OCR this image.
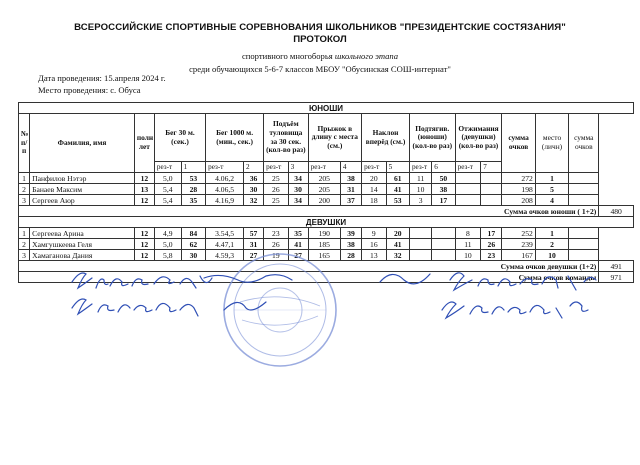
ВСЕРОССИЙСКИЕ СПОРТИВНЫЕ СОРЕВНОВАНИЯ ШКОЛЬНИКОВ "ПРЕЗИДЕНТСКИЕ СОСТЯЗАНИЯ"
ПРОТОКОЛ
спортивного многоборья школьного этапа
среди обучающихся 5-6-7 классов МБОУ "Обусинская СОШ-интернат"
Дата проведения: 15.апреля 2024 г.
Место проведения: с. Обуса
ЮНОШИ																				
№ п/п	Фамилия, имя	полн лет	Бег 30 м. (сек.)		Бег 1000 м. (мин., сек.)		Подъём туловища за 30 сек. (кол-во раз)		Прыжок в длину с места (см.)		Наклон вперёд (см.)		Подтягив. (юноши) (кол-во раз)		Отжимания (девушки) (кол-во раз)		сумма очков	место (личн)	сумма очков	
			рез-т	1	рез-т	2	рез-т	3	рез-т	4	рез-т	5	рез-т	6	рез-т	7				
1	Панфилов Нэтэр	12	5,0	53	4.06,2	36	25	34	205	38	20	61	11	50			272	1		
2	Банаев Максим	13	5,4	28	4.06,5	30	26	30	205	31	14	41	10	38			198	5		
3	Сергеев Аюр	12	5,4	35	4.16,9	32	25	34	200	37	18	53	3	17			208	4		
Сумма очков юноши ( 1+2)																				480
ДЕВУШКИ																				
1	Сергеева Арина	12	4,9	84	3.54,5	57	23	35	190	39	9	20			8	17	252	1		
2	Хамгушкеева Геля	12	5,0	62	4.47,1	31	26	41	185	38	16	41			11	26	239	2		
3	Хамаганова Дания	12	5,8	30	4.59,3	27	19	27	165	28	13	32			10	23	167	10		
Сумма очков девушки (1+2)																				491
Сумма очков команды																				971
